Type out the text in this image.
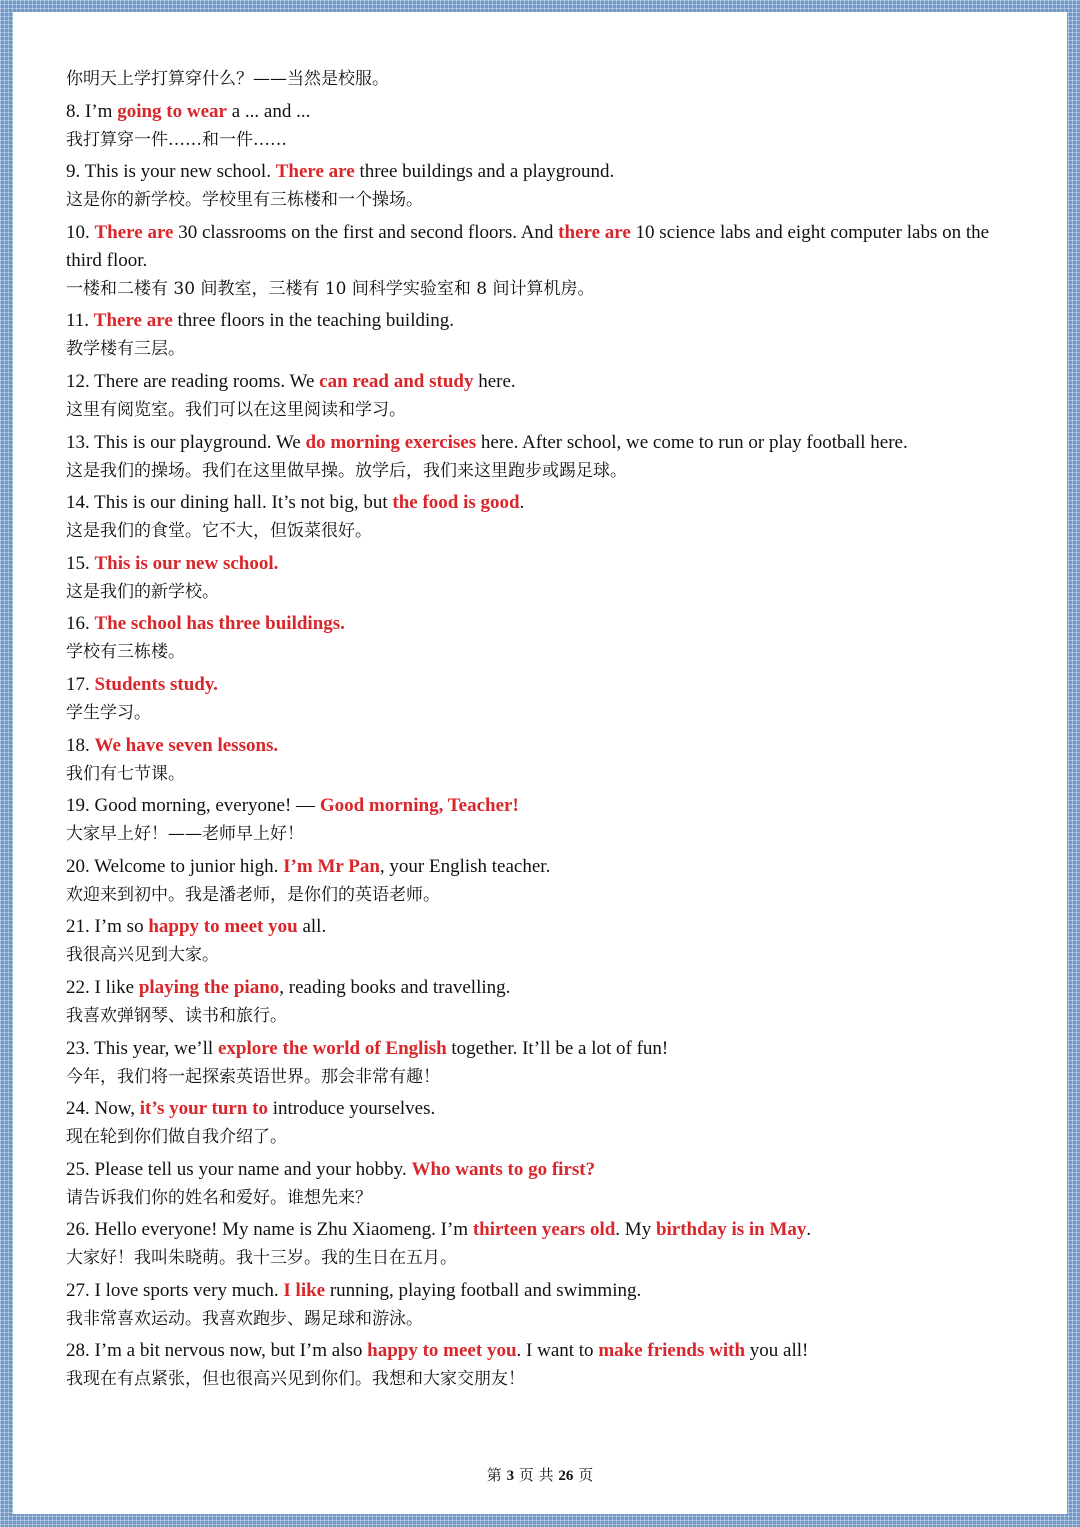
你明天上学打算穿什么？——当然是校服。

8. I’m going to wear a ... and ...

我打算穿一件……和一件……

9. This is your new school. There are three buildings and a playground.

这是你的新学校。学校里有三栋楼和一个操场。

10. There are 30 classrooms on the first and second floors. And there are 10 science labs and eight computer labs on the third floor.

一楼和二楼有 30 间教室，三楼有 10 间科学实验室和 8 间计算机房。

11. There are three floors in the teaching building.

教学楼有三层。

12. There are reading rooms. We can read and study here.

这里有阅览室。我们可以在这里阅读和学习。

13. This is our playground. We do morning exercises here. After school, we come to run or play football here.

这是我们的操场。我们在这里做早操。放学后，我们来这里跑步或踢足球。

14. This is our dining hall. It’s not big, but the food is good.

这是我们的食堂。它不大，但饭菜很好。

15. This is our new school.

这是我们的新学校。

16. The school has three buildings.

学校有三栋楼。

17. Students study.

学生学习。

18. We have seven lessons.

我们有七节课。

19. Good morning, everyone! — Good morning, Teacher!

大家早上好！——老师早上好！

20. Welcome to junior high. I’m Mr Pan, your English teacher.

欢迎来到初中。我是潘老师，是你们的英语老师。

21. I’m so happy to meet you all.

我很高兴见到大家。

22. I like playing the piano, reading books and travelling.

我喜欢弹钢琴、读书和旅行。

23. This year, we’ll explore the world of English together. It’ll be a lot of fun!

今年，我们将一起探索英语世界。那会非常有趣！

24. Now, it’s your turn to introduce yourselves.

现在轮到你们做自我介绍了。

25. Please tell us your name and your hobby. Who wants to go first?

请告诉我们你的姓名和爱好。谁想先来？

26. Hello everyone! My name is Zhu Xiaomeng. I’m thirteen years old. My birthday is in May.

大家好！我叫朱晓萌。我十三岁。我的生日在五月。

27. I love sports very much. I like running, playing football and swimming.

我非常喜欢运动。我喜欢跑步、踢足球和游泳。

28. I’m a bit nervous now, but I’m also happy to meet you. I want to make friends with you all!

我现在有点紧张，但也很高兴见到你们。我想和大家交朋友！

第 3 页 共 26 页
